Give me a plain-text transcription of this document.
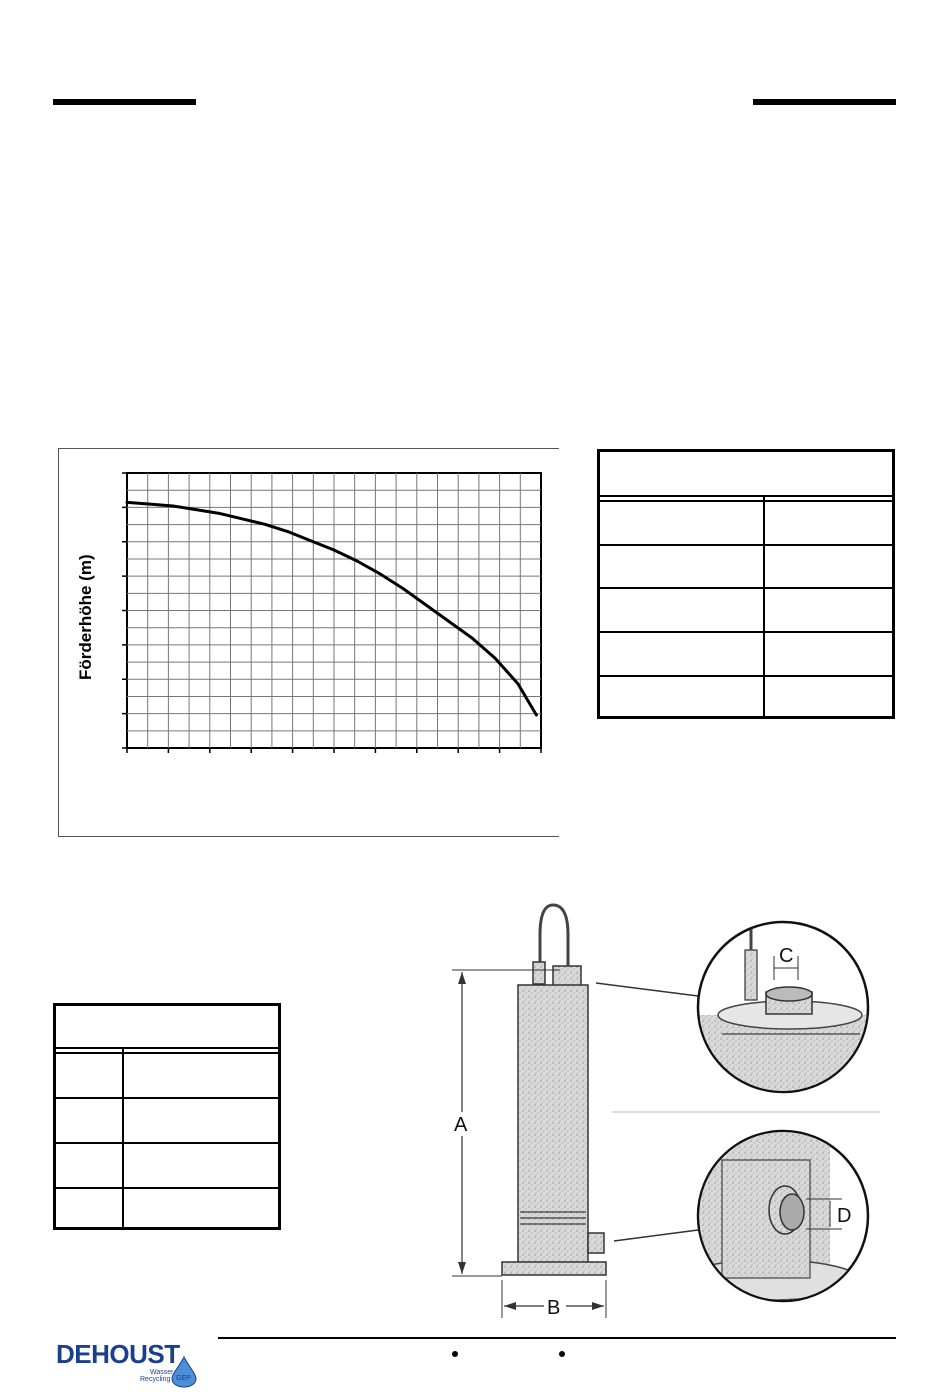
Förderhöhe (m)
A
B
C
D
DEHOUST
Wasser-
Recycling GEP
